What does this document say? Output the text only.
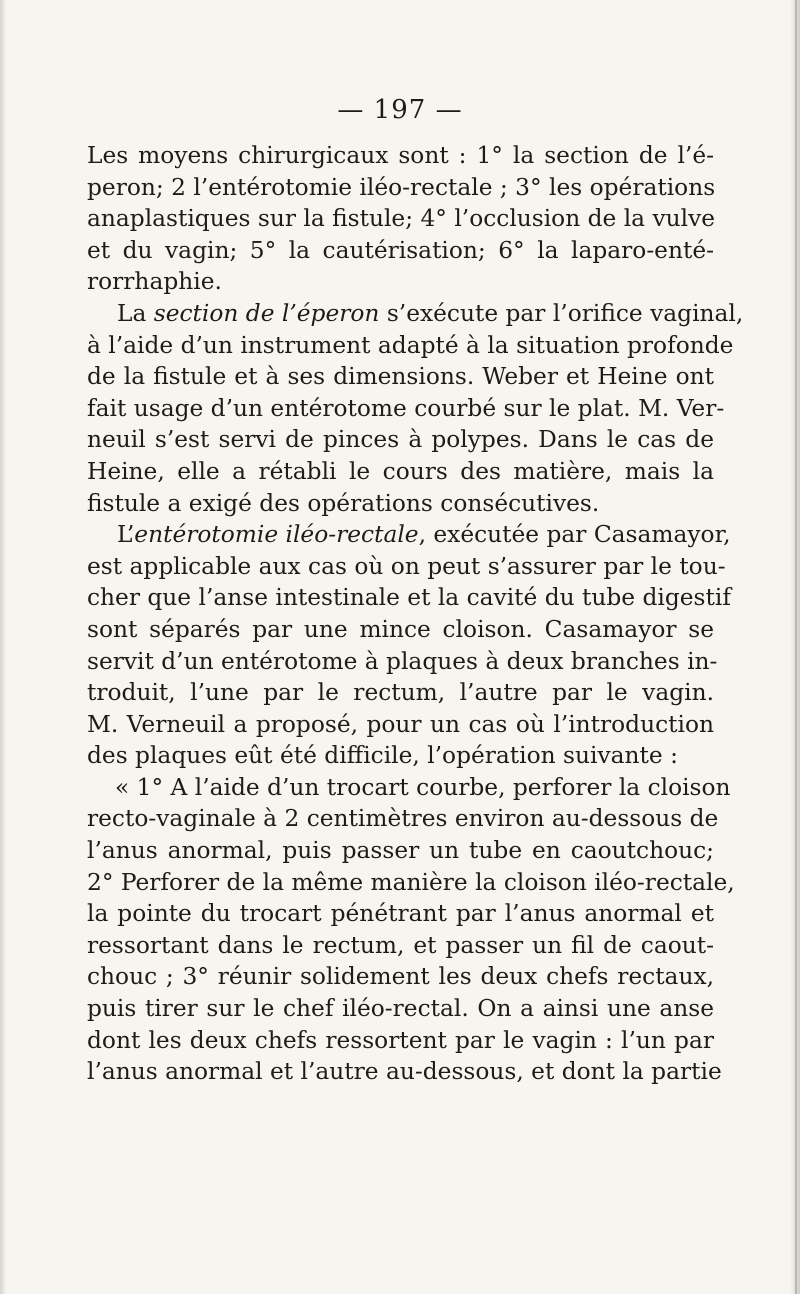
— 197 —
Les moyens chirurgicaux sont : 1° la section de l’é-
peron; 2 l’entérotomie iléo-rectale ; 3° les opérations
anaplastiques sur la fistule; 4° l’occlusion de la vulve
et du vagin; 5° la cautérisation; 6° la laparo-enté-
rorrhaphie.
La section de l’éperon s’exécute par l’orifice vaginal,
à l’aide d’un instrument adapté à la situation profonde
de la fistule et à ses dimensions. Weber et Heine ont
fait usage d’un entérotome courbé sur le plat. M. Ver-
neuil s’est servi de pinces à polypes. Dans le cas de
Heine, elle a rétabli le cours des matière, mais la
fistule a exigé des opérations consécutives.
L’entérotomie iléo-rectale, exécutée par Casamayor,
est applicable aux cas où on peut s’assurer par le tou-
cher que l’anse intestinale et la cavité du tube digestif
sont séparés par une mince cloison. Casamayor se
servit d’un entérotome à plaques à deux branches in-
troduit, l’une par le rectum, l’autre par le vagin.
M. Verneuil a proposé, pour un cas où l’introduction
des plaques eût été difficile, l’opération suivante :
« 1° A l’aide d’un trocart courbe, perforer la cloison
recto-vaginale à 2 centimètres environ au-dessous de
l’anus anormal, puis passer un tube en caoutchouc;
2° Perforer de la même manière la cloison iléo-rectale,
la pointe du trocart pénétrant par l’anus anormal et
ressortant dans le rectum, et passer un fil de caout-
chouc ; 3° réunir solidement les deux chefs rectaux,
puis tirer sur le chef iléo-rectal. On a ainsi une anse
dont les deux chefs ressortent par le vagin : l’un par
l’anus anormal et l’autre au-dessous, et dont la partie
